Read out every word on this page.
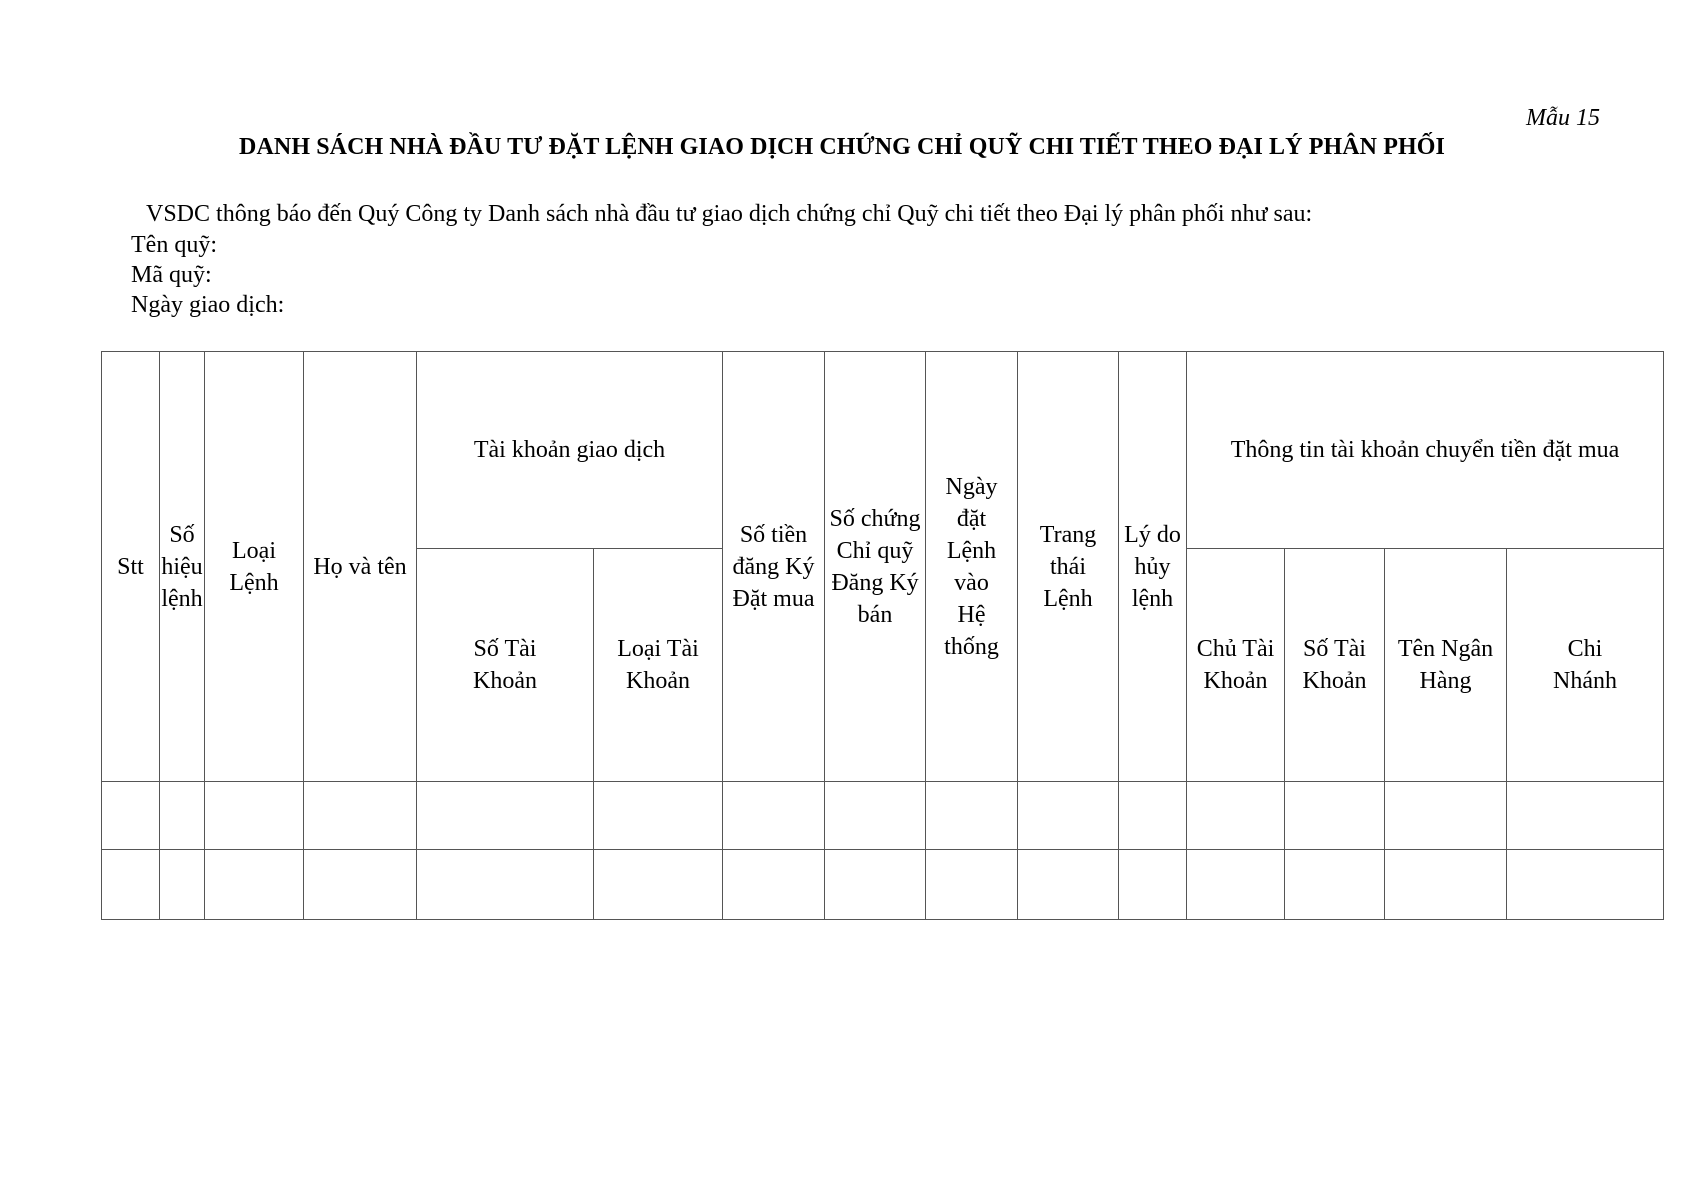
Mẫu 15

DANH SÁCH NHÀ ĐẦU TƯ ĐẶT LỆNH GIAO DỊCH CHỨNG CHỈ QUỸ CHI TIẾT THEO ĐẠI LÝ PHÂN PHỐI

VSDC thông báo đến Quý Công ty Danh sách nhà đầu tư giao dịch chứng chỉ Quỹ chi tiết theo Đại lý phân phối như sau:

Tên quỹ:

Mã quỹ:

Ngày giao dịch:

Stt	Số hiệu lệnh	Loại Lệnh	Họ và tên	Tài khoản giao dịch		Số tiền đăng Ký Đặt mua	Số chứng Chỉ quỹ Đăng Ký bán	Ngày đặt Lệnh vào Hệ thống	Trang thái Lệnh	Lý do hủy lệnh	Thông tin tài khoản chuyển tiền đặt mua			
				Số Tài Khoản	Loại Tài Khoản						Chủ Tài Khoản	Số Tài Khoản	Tên Ngân Hàng	Chi Nhánh
